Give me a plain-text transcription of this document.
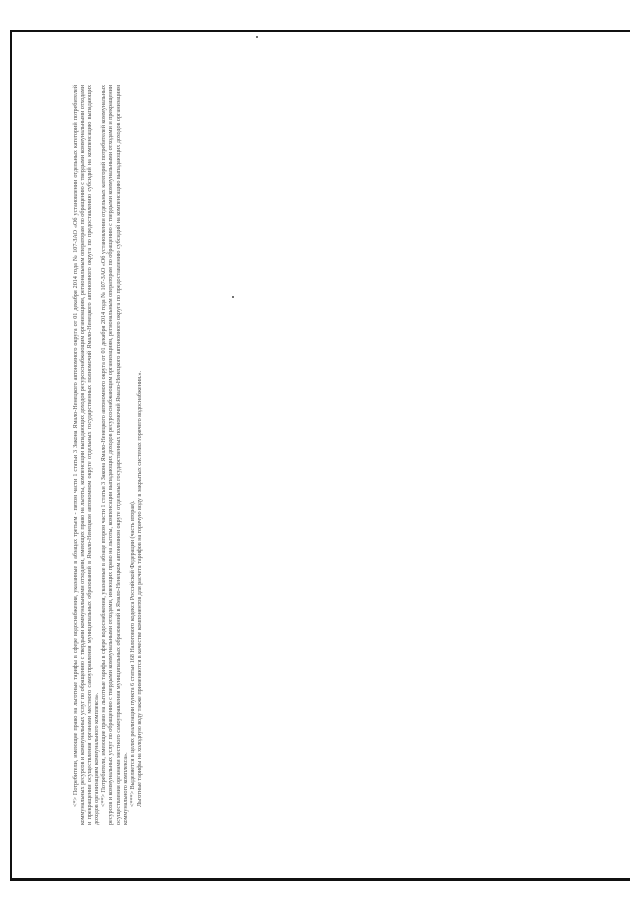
<*> Потребители, имеющие право на льготные тарифы в сфере водоснабжения, указанные в абзацах третьем - пятом части 1 статьи 3 Закона Ямало-Ненецкого автономного округа от 01 декабря 2014 года № 107-ЗАО «Об установлении отдельных категорий потребителей коммунальных ресурсов и коммунальных услуг по обращению с твердыми коммунальными отходами, имеющих право на льготы, компенсации выпадающих доходов ресурсоснабжающим организациям, региональным операторам по обращению с твердыми коммунальными отходами и прекращении осуществления органами местного самоуправления муниципальных образований в Ямало-Ненецком автономном округе отдельных государственных полномочий Ямало-Ненецкого автономного округа по предоставлению субсидий на компенсацию выпадающих доходов организациям коммунального комплекса». <**> Потребители, имеющие право на льготные тарифы в сфере водоснабжения, указанные в абзаце втором части 1 статьи 3 Закона Ямало-Ненецкого автономного округа от 01 декабря 2014 года № 107-ЗАО «Об установлении отдельных категорий потребителей коммунальных ресурсов и коммунальных услуг по обращению с твердыми коммунальными отходами, имеющих право на льготы, компенсации выпадающих доходов ресурсоснабжающим организациям, региональным операторам по обращению с твердыми коммунальными отходами и прекращении осуществления органами местного самоуправления муниципальных образований в Ямало-Ненецком автономном округе отдельных государственных полномочий Ямало-Ненецкого автономного округа по предоставлению субсидий на компенсацию выпадающих доходов организациям коммунального комплекса». <***> Выделяется в целях реализации пункта 6 статьи 168 Налогового кодекса Российской Федерации (часть вторая). Льготные тарифы на холодную воду также применяются в качестве компонентов для расчета тарифов на горячую воду в закрытых системах горячего водоснабжения.».
